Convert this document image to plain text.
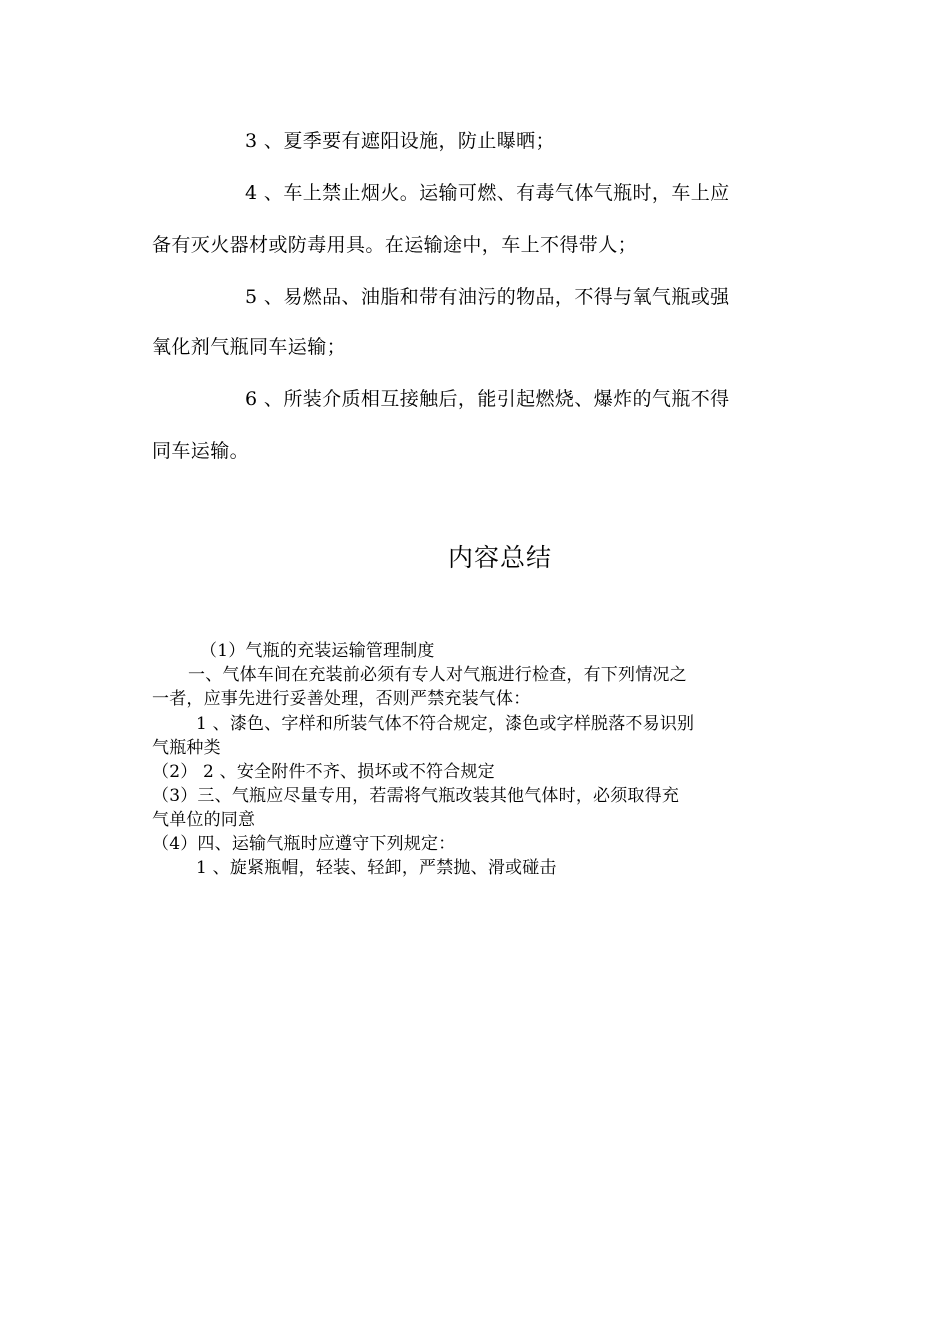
3 、夏季要有遮阳设施，防止曝晒；

4 、车上禁止烟火。运输可燃、有毒气体气瓶时，车上应

备有灭火器材或防毒用具。在运输途中，车上不得带人；

5 、易燃品、油脂和带有油污的物品，不得与氧气瓶或强

氧化剂气瓶同车运输；

6 、所装介质相互接触后，能引起燃烧、爆炸的气瓶不得

同车运输。

内容总结

（1）气瓶的充装运输管理制度

一、气体车间在充装前必须有专人对气瓶进行检查，有下列情况之

一者，应事先进行妥善处理，否则严禁充装气体：

1 、漆色、字样和所装气体不符合规定，漆色或字样脱落不易识别

气瓶种类

（2） 2 、安全附件不齐、损坏或不符合规定

（3）三、气瓶应尽量专用，若需将气瓶改装其他气体时，必须取得充

气单位的同意

（4）四、运输气瓶时应遵守下列规定：

1 、旋紧瓶帽，轻装、轻卸，严禁抛、滑或碰击
